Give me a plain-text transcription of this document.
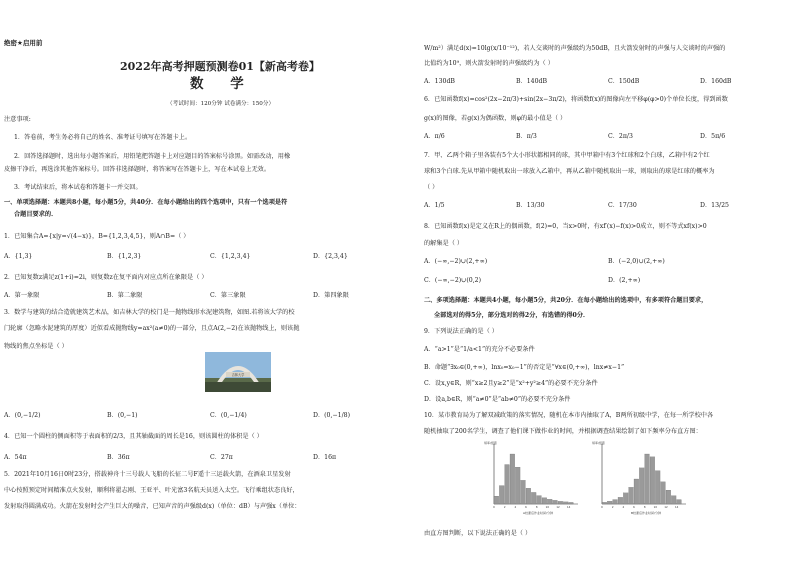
绝密★启用前
2022年高考押题预测卷01【新高考卷】
数 学
（考试时间：120分钟 试卷满分：150分）
注意事项:
1．答卷前，考生务必将自己的姓名、准考证号填写在答题卡上。
2．回答选择题时，选出每小题答案后，用铅笔把答题卡上对应题目的答案标号涂黑。如需改动，用橡
皮擦干净后，再选涂其他答案标号。回答非选择题时，将答案写在答题卡上，写在本试卷上无效。
3．考试结束后，将本试卷和答题卡一并交回。
一、单项选择题：本题共8小题，每小题5分，共40分．在每小题给出的四个选项中，只有一个选项是符
合题目要求的．
1．已知集合A={x|y=√(4−x)}，B={1,2,3,4,5}，则A∩B=（ ）
A．{1,3}	B．{1,2,3}	C．{1,2,3,4}	D．{2,3,4}
2．已知复数z满足z(1+i)=2i，则复数z在复平面内对应点所在象限是（ ）
A．第一象限	B．第二象限	C．第三象限	D．第四象限
3．数学与建筑的结合造就建筑艺术品，如吉林大学的校门是一抛物线形水泥建筑物，如图.若将该大学的校
门轮廓（忽略水泥建筑的厚度）近似看成抛物线y=ax²(a≠0)的一部分，且点A(2,−2)在该抛物线上，则该抛
物线的焦点坐标是（ ）
吉林大学
A．(0,−1/2)	B．(0,−1)	C．(0,−1/4)	D．(0,−1/8)
4．已知一个圆柱的侧面积等于表面积的2/3，且其轴截面的周长是16，则该圆柱的体积是（ ）
A．54π	B．36π	C．27π	D．16π
5．2021年10月16日0时23分，搭载神舟十三号载人飞船的长征二号F遥十三运载火箭，在酒泉卫星发射
中心按照预定时间精准点火发射，顺利将翟志刚、王亚平、叶光富3名航天员送入太空。飞行乘组状态良好，
发射取得圆满成功。火箭在发射时会产生巨大的噪音，已知声音的声强级d(x)（单位：dB）与声强x（单位：
W/m²）满足d(x)=10lg(x/10⁻¹²)，若人交谈时的声强级约为50dB，且火箭发射时的声强与人交谈时的声强的
比值约为10⁹，则火箭发射时的声强级约为（ ）
A．130dB	B．140dB	C．150dB	D．160dB
6．已知函数f(x)=cos²(2x−2π/3)+sin(2x−3π/2)，将函数f(x)的图像向左平移φ(φ>0)个单位长度，得到函数
g(x)的图像，若g(x)为偶函数，则φ的最小值是（ ）
A．π/6	B．π/3	C．2π/3	D．5π/6
7．甲、乙两个箱子里各装有5个大小形状都相同的球，其中甲箱中有3个红球和2个白球，乙箱中有2个红
球和3个白球.先从甲箱中随机取出一球放入乙箱中，再从乙箱中随机取出一球，则取出的球是红球的概率为
（ ）
A．1/5	B．13/30	C．17/30	D．13/25
8．已知函数f(x)是定义在R上的偶函数，f(2)=0，当x>0时，有xf′(x)−f(x)>0成立，则不等式xf(x)>0
的解集是（ ）
A．(−∞,−2)∪(2,+∞)	B．(−2,0)∪(2,+∞)
C．(−∞,−2)∪(0,2)	D．(2,+∞)
二、多项选择题：本题共4小题，每小题5分，共20分．在每小题给出的选项中，有多项符合题目要求，
全部选对的得5分，部分选对的得2分，有选错的得0分．
9．下列说法正确的是（ ）
A．“a>1”是“1/a<1”的充分不必要条件
B．命题“∃x₀∈(0,+∞)，lnx₀=x₀−1”的否定是“∀x∈(0,+∞)，lnx≠x−1”
C．设x,y∈R，则“x≥2且y≥2”是“x²+y²≥4”的必要不充分条件
D．设a,b∈R，则“a≠0”是“ab≠0”的必要不充分条件
10．某市教育局为了解双减政策的落实情况，随机在本市内抽取了A，B两所初级中学，在每一所学校中各
随机抽取了200名学生，调查了他们课下做作业的时间，并根据调查结果绘制了如下频率分布直方图：
0	2	4	6	8	10	12	14
频率/组距
A校课后作业时间/分钟
0	2	4	6	8	10	12	14
频率/组距
B校课后作业时间/分钟
由直方图判断，以下说法正确的是（ ）
